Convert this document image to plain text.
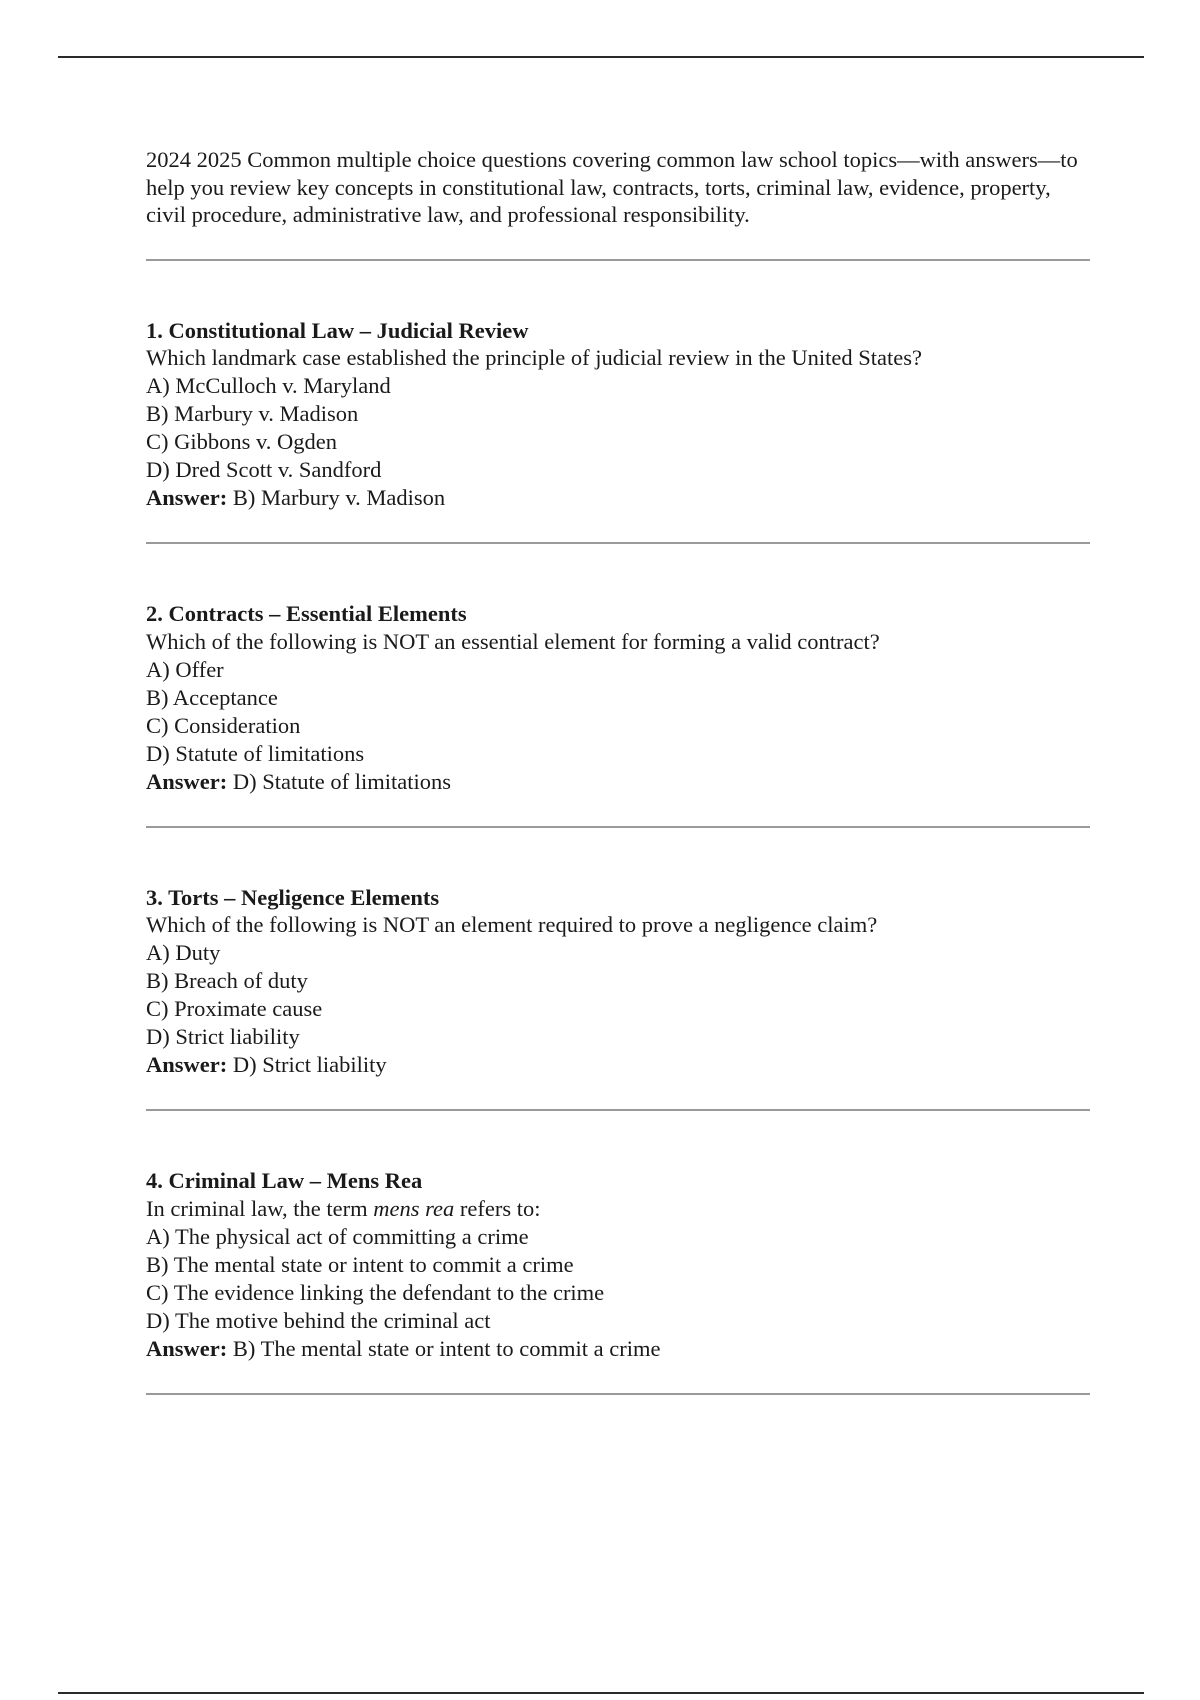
2024 2025 Common multiple choice questions covering common law school topics—with answers—to help you review key concepts in constitutional law, contracts, torts, criminal law, evidence, property, civil procedure, administrative law, and professional responsibility.

1. Constitutional Law – Judicial Review

Which landmark case established the principle of judicial review in the United States?

A) McCulloch v. Maryland

B) Marbury v. Madison

C) Gibbons v. Ogden

D) Dred Scott v. Sandford

Answer: B) Marbury v. Madison

2. Contracts – Essential Elements

Which of the following is NOT an essential element for forming a valid contract?

A) Offer

B) Acceptance

C) Consideration

D) Statute of limitations

Answer: D) Statute of limitations

3. Torts – Negligence Elements

Which of the following is NOT an element required to prove a negligence claim?

A) Duty

B) Breach of duty

C) Proximate cause

D) Strict liability

Answer: D) Strict liability

4. Criminal Law – Mens Rea

In criminal law, the term mens rea refers to:

A) The physical act of committing a crime

B) The mental state or intent to commit a crime

C) The evidence linking the defendant to the crime

D) The motive behind the criminal act

Answer: B) The mental state or intent to commit a crime
